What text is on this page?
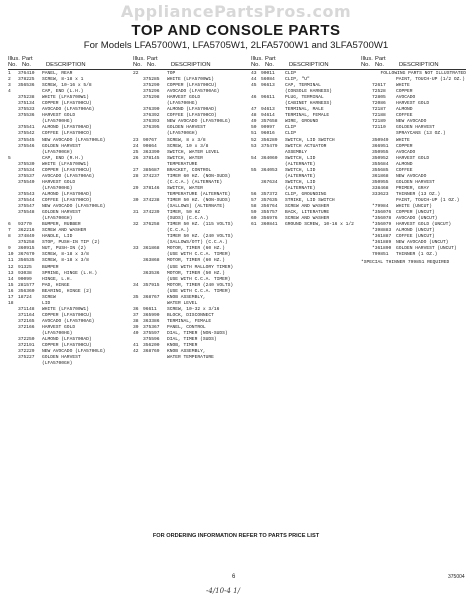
AppliancePartsPros.com
TOP AND CONSOLE PARTS
For Models LFA5700W1, LFA5705W1, 2LFA5700W1 and 3LFA5700W1
Illus.
No.
Part
No.
	DESCRIPTION
1	376410	PANEL, REAR
2	378225	SCREW, 8-18 x 1
3	356536	SCREW, 10-16 x 5/8
4	CAP, END (L.H.)
375238	WHITE (LFA5700W1)
375134	COPPER (LFA5700CU)
375533	AVOCADO (LFA5700AG)
375536	HARVEST GOLD
(LFA5700HG)
375541	ALMOND (LFA5700AD)
375542	COFFEE (LFA5700CO)
375545	NEW AVOCADO (LFA5700LG)
375546	GOLDEN HARVEST
(LFA5700GH)
5	CAP, END (R.H.)
375530	WHITE (LFA5700W1)
375534	COPPER (LFA5700CU)
375537	AVOCADO (LFA5700AG)
375540	HARVEST GOLD
(LFA5700HG)
375543	ALMOND (LFA5700AD)
375544	COFFEE (LFA5700CO)
375547	NEW AVOCADO (LFA5700LG)
375548	GOLDEN HARVEST
(LFA5700GH)
6	93770	BUMPER, RUBBER
7	362216	SCREW AND WASHER
8	374849	HANDLE, LID
375258	STOP, PUSH-IN TIP (2)
9	360915	NUT, PUSH-IN (2)
10 367670	SCREW, 8-18 x 3/8
11 356535	SCREW, 8-18 x 3/8
12 91325	BUMPER
13 93038	SPRING, HINGE (L.H.)
14 90099	HINGE, L.H.
15 281577	PAD, HINGE
16 356360	BEARING, HINGE (2)
17 18724	SCREW
18	LID
371148	WHITE (LFA5700W1)
371164	COPPER (LFA5700CU)
372165	AVOCADO (LFA5700AG)
372166	HARVEST GOLD
(LFA5700HG)
372250	ALMOND (LFA5700AD)
372191	COPPER (LFA5700CU)
372229	NEW AVOCADO (LFA5700LG)
375227	GOLDEN HARVEST
(LFA5700GH)
Illus.
No.
Part
No.
	DESCRIPTION
22	TOP
375285	WHITE (LFA5700W1)
375290	COPPER (LFA5700CU)
375296	AVOCADO (LFA5700AG)
375298	HARVEST GOLD
(LFA5700HG)
376390	ALMOND (LFA5700AD)
376392	COFFEE (LFA5700CO)
376393	NEW AVOCADO (LFA5700LG)
376395	GOLDEN HARVEST
(LFA5700GH)
23 90767	SCREW, 8 x 3/8
24 90864	SCREW, 10 x 3/8
25 363390	SWITCH, WATER LEVEL
26 378145	SWITCH, WATER
TEMPERATURE
27 385687	BRACKET, CONTROL
28 374237	TIMER 60 HZ. (NON-SUDS)
(C.C.A.) (ALTERNATE)
29 378146	SWITCH, WATER
TEMPERATURE (ALTERNATE)
30 374238	TIMER 50 HZ. (NON-SUDS)
(SALLOWS) (ALTERNATE)
31 374239	TIMER, 50 HZ
(SUDS) (C.C.A.)
32 376258	TIMER 50 HZ. (115 VOLTS)
(C.C.A.)
TIMER 50 HZ. (240 VOLTS)
(SALLOWS/OTT) (C.C.A.)
33 361868	MOTOR, TIMER (60 HZ.)
(USE WITH C.C.A. TIMER)
363868	MOTOR, TIMER (60 HZ.)
(USE WITH MALLORY TIMER)
363536	MOTOR, TIMER (50 HZ.)
(USE WITH C.C.A. TIMER)
34 357915	MOTOR, TIMER (240 VOLTS)
(USE WITH C.C.A. TIMER)
35 368767	KNOB ASSEMBLY,
WATER LEVEL
36 96611	SCREW, 10-32 x 3/16
37 365990	BLOCK, DISCONNECT
38 363386	TERMINAL, FEMALE
39 375367	PANEL, CONTROL
40 375597	DIAL, TIMER (NON-SUDS)
375596	DIAL, TIMER (SUDS)
41 356200	KNOB, TIMER
42 368769	KNOB ASSEMBLY,
WATER TEMPERATURE
Illus.
No.
Part
No.
	DESCRIPTION
43 90011	CLIP
44 56084	CLIP, "U"
45 96613	CAP, TERMINAL
(CONSOLE HARNESS)
46 96611	PLUG, TERMINAL
(CABINET HARNESS)
47 94613	TERMINAL, MALE
48 94614	TERMINAL, FEMALE
49 357658	WIRE, GROUND
50 90997	CLIP
51 96016	CLIP
52 356289	SWITCH, LID SWITCH
53 375479	SWITCH ACTUATOR
ASSEMBLY
54 364060	SWITCH, LID
(ALTERNATE)
55 364053	SWITCH, LID
(ALTERNATE)
367634	SWITCH, LID
(ALTERNATE)
56 357372	CLIP, GROUNDING
57 357635	STRIKE, LID SWITCH
58 356764	SCREW AND WASHER
59 355757	BACK, LITERATURE
60 356976	SCREW AND WASHER
61 360841	GROUND SCREW, 10-16 x 1/2
Illus.
No.
Part
No.
	DESCRIPTION
FOLLOWING PARTS NOT ILLUSTRATED
PAINT, TOUCH-UP (1/2 OZ.)
72617	WHITE
72528	COPPER
72805	AVOCADO
72086	HARVEST GOLD
72187	ALMOND
72188	COFFEE
72189	NEW AVOCADO
72110	GOLDEN HARVEST
SPRAYCANS (13 OZ.)
350949	WHITE
366951	COPPER
350955	AVOCADO
350952	HARVEST GOLD
355684	ALMOND
355685	COFFEE
361868	NEW AVOCADO
350955	GOLDEN HARVEST
338468	PRIMER, GRAY
333623	THINNER (13 OZ.)
PAINT, TOUCH-UP (1 OZ.)
*79984	WHITE (UNCUT)
*356076	COPPER (UNCUT)
*356078	AVOCADO (UNCUT)
*356079	HARVEST GOLD (UNCUT)
*398883	ALMOND (UNCUT)
*361887	COFFEE (UNCUT)
*361889	NEW AVOCADO (UNCUT)
*361890	GOLDEN HARVEST (UNCUT)
799851	THINNER (1 OZ.)
*SPECIAL THINNER 799851 REQUIRED
FOR ORDERING INFORMATION REFER TO PARTS PRICE LIST
6	375004
-4/10-4 1/
